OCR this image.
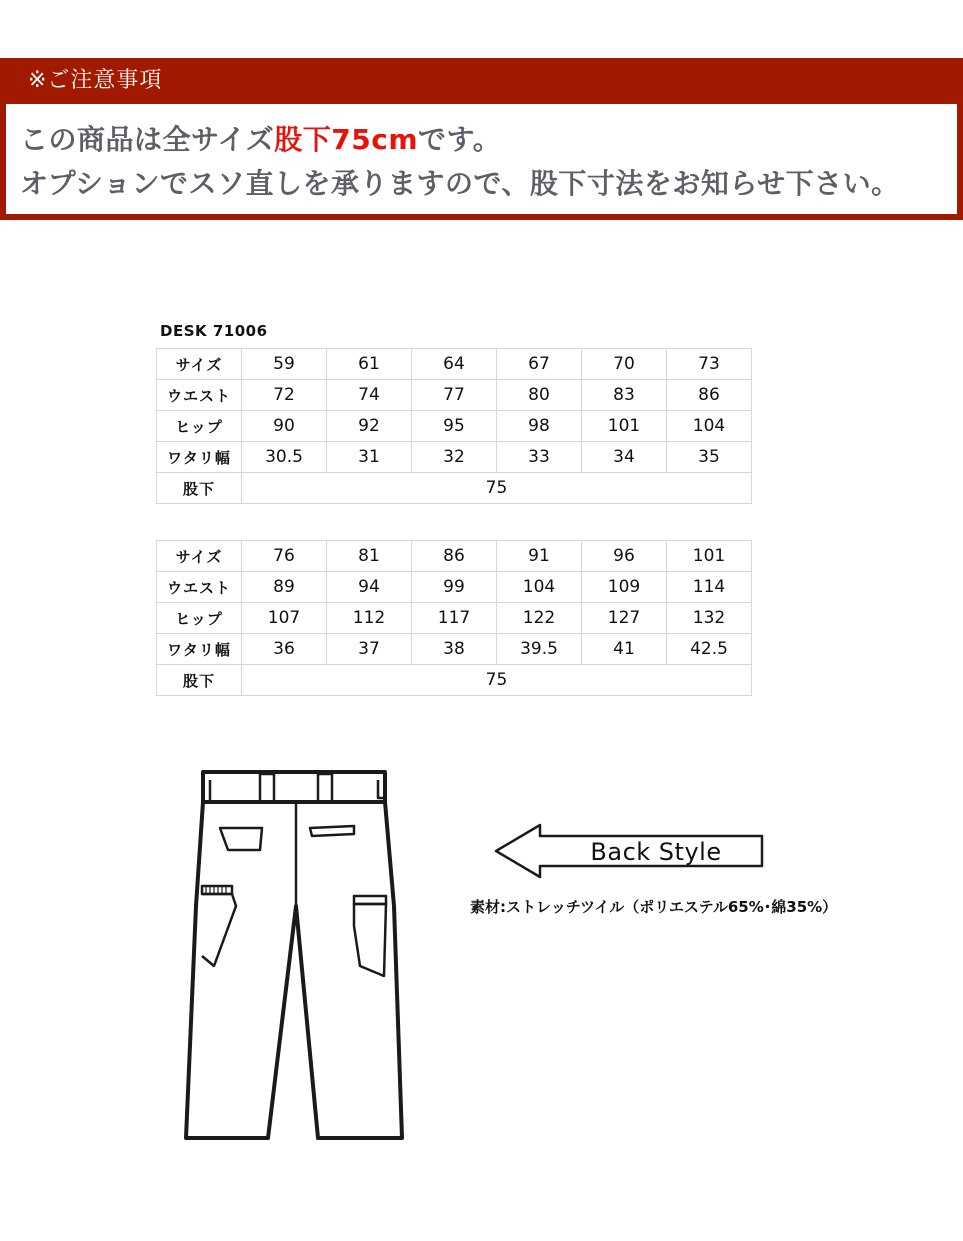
※ご注意事項
この商品は全サイズ股下75cmです。
オプションでスソ直しを承りますので、股下寸法をお知らせ下さい。
DESK 71006
サイズ	59	61	64	67	70	73
ウエスト	72	74	77	80	83	86
ヒップ	90	92	95	98	101	104
ワタリ幅	30.5	31	32	33	34	35
股下	75					
サイズ	76	81	86	91	96	101
ウエスト	89	94	99	104	109	114
ヒップ	107	112	117	122	127	132
ワタリ幅	36	37	38	39.5	41	42.5
股下	75					
Back Style
素材:ストレッチツイル（ポリエステル65%･綿35%）
